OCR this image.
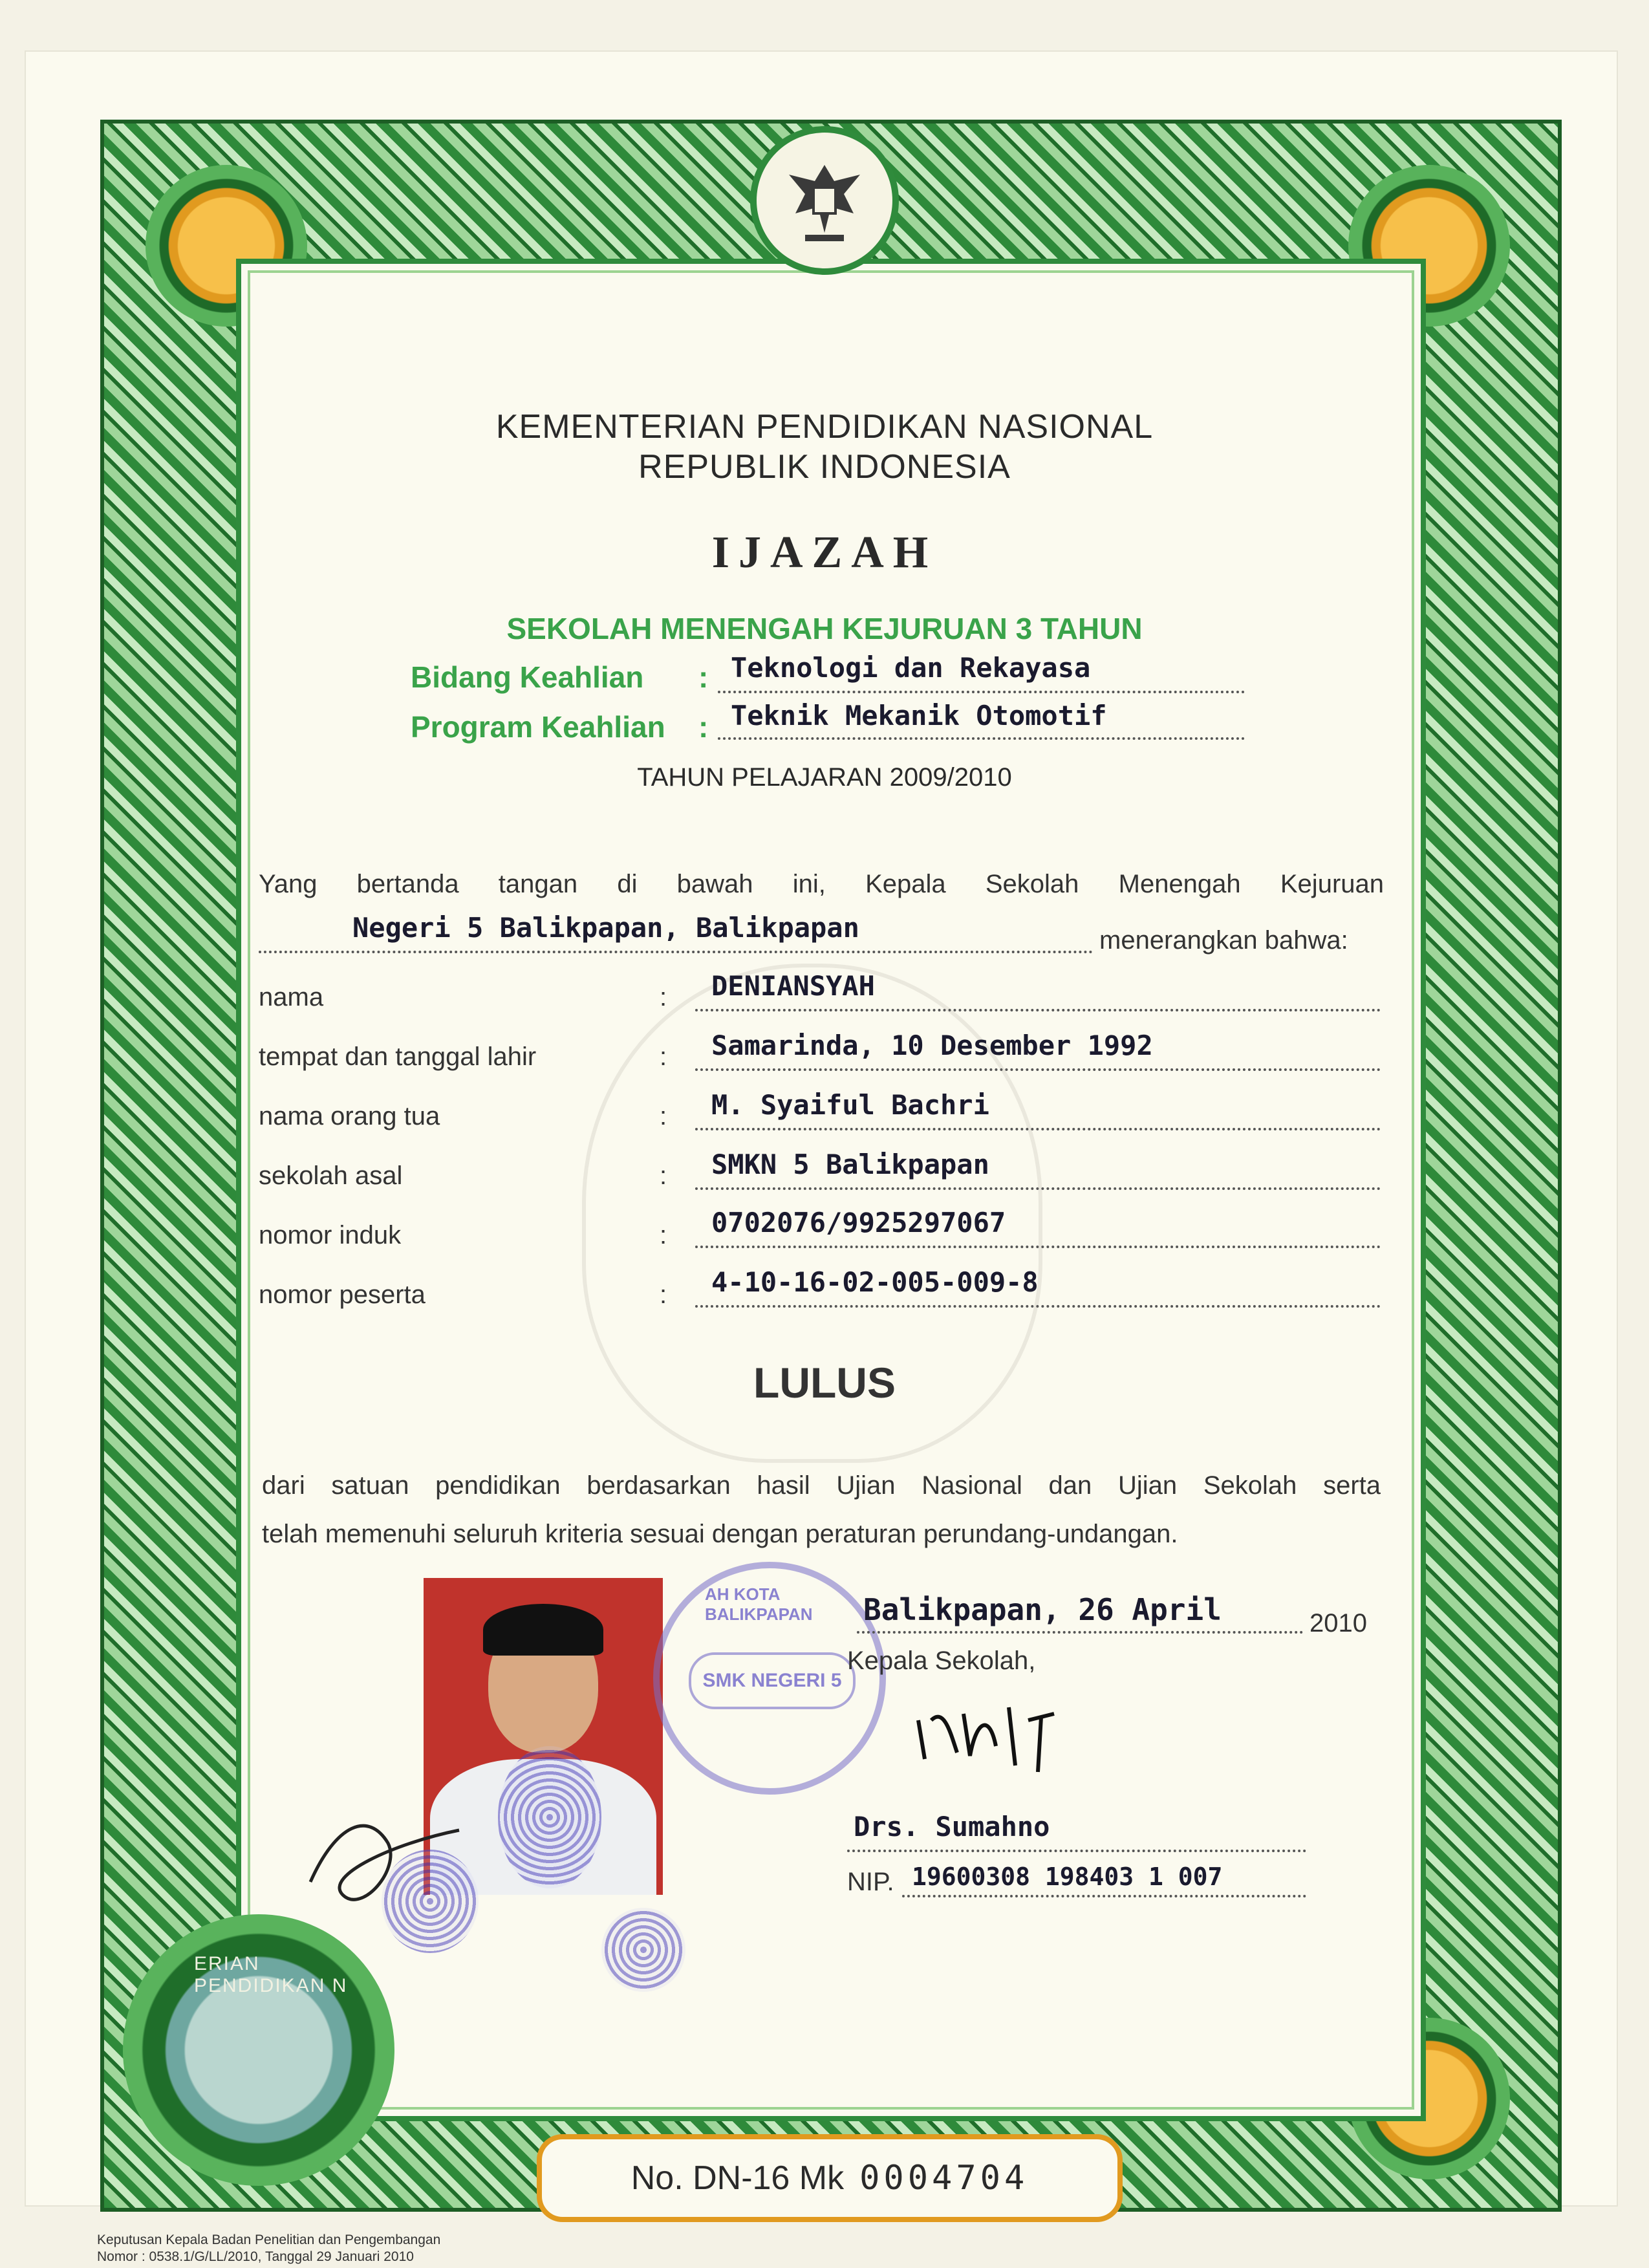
KEMENTERIAN PENDIDIKAN NASIONAL
REPUBLIK INDONESIA
IJAZAH
SEKOLAH MENENGAH KEJURUAN 3 TAHUN
Bidang Keahlian : Teknologi dan Rekayasa
Program Keahlian : Teknik Mekanik Otomotif
TAHUN PELAJARAN 2009/2010
Yang bertanda tangan di bawah ini, Kepala Sekolah Menengah Kejuruan
Negeri 5 Balikpapan, Balikpapan	menerangkan bahwa:
nama	: DENIANSYAH
tempat dan tanggal lahir	: Samarinda, 10 Desember 1992
nama orang tua	: M. Syaiful Bachri
sekolah asal	: SMKN 5 Balikpapan
nomor induk	: 0702076/9925297067
nomor peserta	: 4-10-16-02-005-009-8
LULUS
dari satuan pendidikan berdasarkan hasil Ujian Nasional dan Ujian Sekolah serta
telah memenuhi seluruh kriteria sesuai dengan peraturan perundang-undangan.
SMK NEGERI 5
AH KOTA BALIKPAPAN	Balikpapan, 26 April	2010
Kepala Sekolah,
Drs. Sumahno
NIP. 19600308 198403 1 007
ERIAN PENDIDIKAN N
No. DN-16 Mk 0004704
Keputusan Kepala Badan Penelitian dan Pengembangan
Nomor : 0538.1/G/LL/2010, Tanggal 29 Januari 2010
